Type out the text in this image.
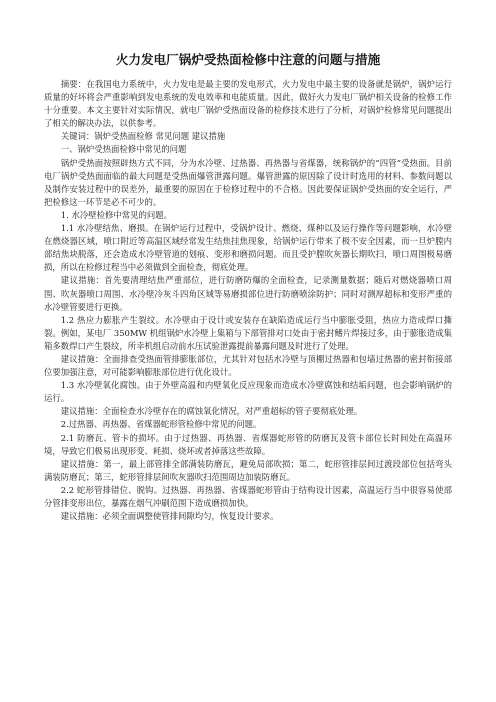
火力发电厂锅炉受热面检修中注意的问题与措施

摘要：在我国电力系统中，火力发电是最主要的发电形式，火力发电中最主要的设备就是锅炉，锅炉运行质量的好坏将会严重影响到发电系统的发电效率和电能质量。因此，做好火力发电厂锅炉相关设备的检修工作十分重要。本文主要针对实际情况，就电厂锅炉受热面设备的检修技术进行了分析，对锅炉检修常见问题提出了相关的解决办法，以供参考。

关键词：锅炉受热面检修 常见问题 建议措施

一、锅炉受热面检修中常见的问题

锅炉受热面按照辟热方式不同，分为水冷壁、过热器、再热器与省煤器，统称锅炉的“四管”受热面。目前电厂锅炉受热面面临的最大问题是受热面爆管泄露问题。爆管泄露的原因除了设计时选用的材料、参数问题以及制作安装过程中的误差外，最重要的原因在于检修过程中的不合格。因此要保证锅炉受热面的安全运行，严把检修这一环节是必不可少的。

1. 水冷壁检修中常见的问题。

1.1 水冷壁结焦、磨损。在锅炉运行过程中，受锅炉设计、燃烧、煤种以及运行操作等问题影响，水冷壁在燃烧器区域，喷口附近等高温区域经常发生结焦挂焦现象，给锅炉运行带来了极不安全因素，而一旦炉膛内部结焦块脱落，还会造成水冷壁管道的划痕、变形和磨损问题。而且受护膛吹灰器长期吹扫，喷口周围极易磨损，所以在检修过程当中必须做到全面检查，彻底处理。

建议措施：首先要清理结焦严重部位，进行防磨防爆的全面检查，记录测量数据；随后对燃烧器喷口周围、吹灰器喷口周围、水冷壁冷灰斗四角区域等易磨损部位进行防磨喷涂防护；同时对测厚超标和变形严重的水冷壁管要进行更换。

1.2 热应力膨胀产生裂纹。水冷壁由于设计或安装存在缺陷造成运行当中膨胀受阻，热应力造成焊口撕裂。例如，某电厂 350MW 机组锅炉水冷壁上集箱与下部管排对口处由于密封鳍片焊接过多，由于膨胀造成集箱多数焊口产生裂纹，所幸机组启动前水压试验泄露提前暴露问题及时进行了处理。

建议措施：全面排查受热面管排膨胀部位，尤其针对包括水冷壁与顶棚过热器和包墙过热器的密封衔接部位要加强注意，对可能影响膨胀部位进行优化设计。

1.3 水冷壁氧化腐蚀。由于外壁高温和内壁氧化反应现象而造成水冷壁腐蚀和结垢问题，也会影响锅炉的运行。

建议措施：全面检查水冷壁存在的腐蚀氧化情况，对严重超标的管子要彻底处理。

2.过热器、再热器、省煤器蛇形管检修中常见的问题。

2.1 防磨瓦、管卡的损坏。由于过热器、再热器、省煤器蛇形管的防磨瓦及管卡部位长时间处在高温环境，导致它们极易出现形变、耗损、烧坏或者掉落这些故障。

建议措施：第一，最上部管排全部满装防磨瓦，避免局部吹损；第二，蛇形管排层间过渡段部位包括弯头满装防磨瓦；第三，蛇形管排层间吹灰器吹扫范围周边加装防磨瓦。

2.2 蛇形管排错位、脱钩。过热器、再热器、省煤器蛇形管由于结构设计因素，高温运行当中很容易使部分管排变形出位，暴露在烟气冲刷范围下造成磨损加快。

建议措施：必须全面调整使管排间隙均匀，恢复设计要求。
